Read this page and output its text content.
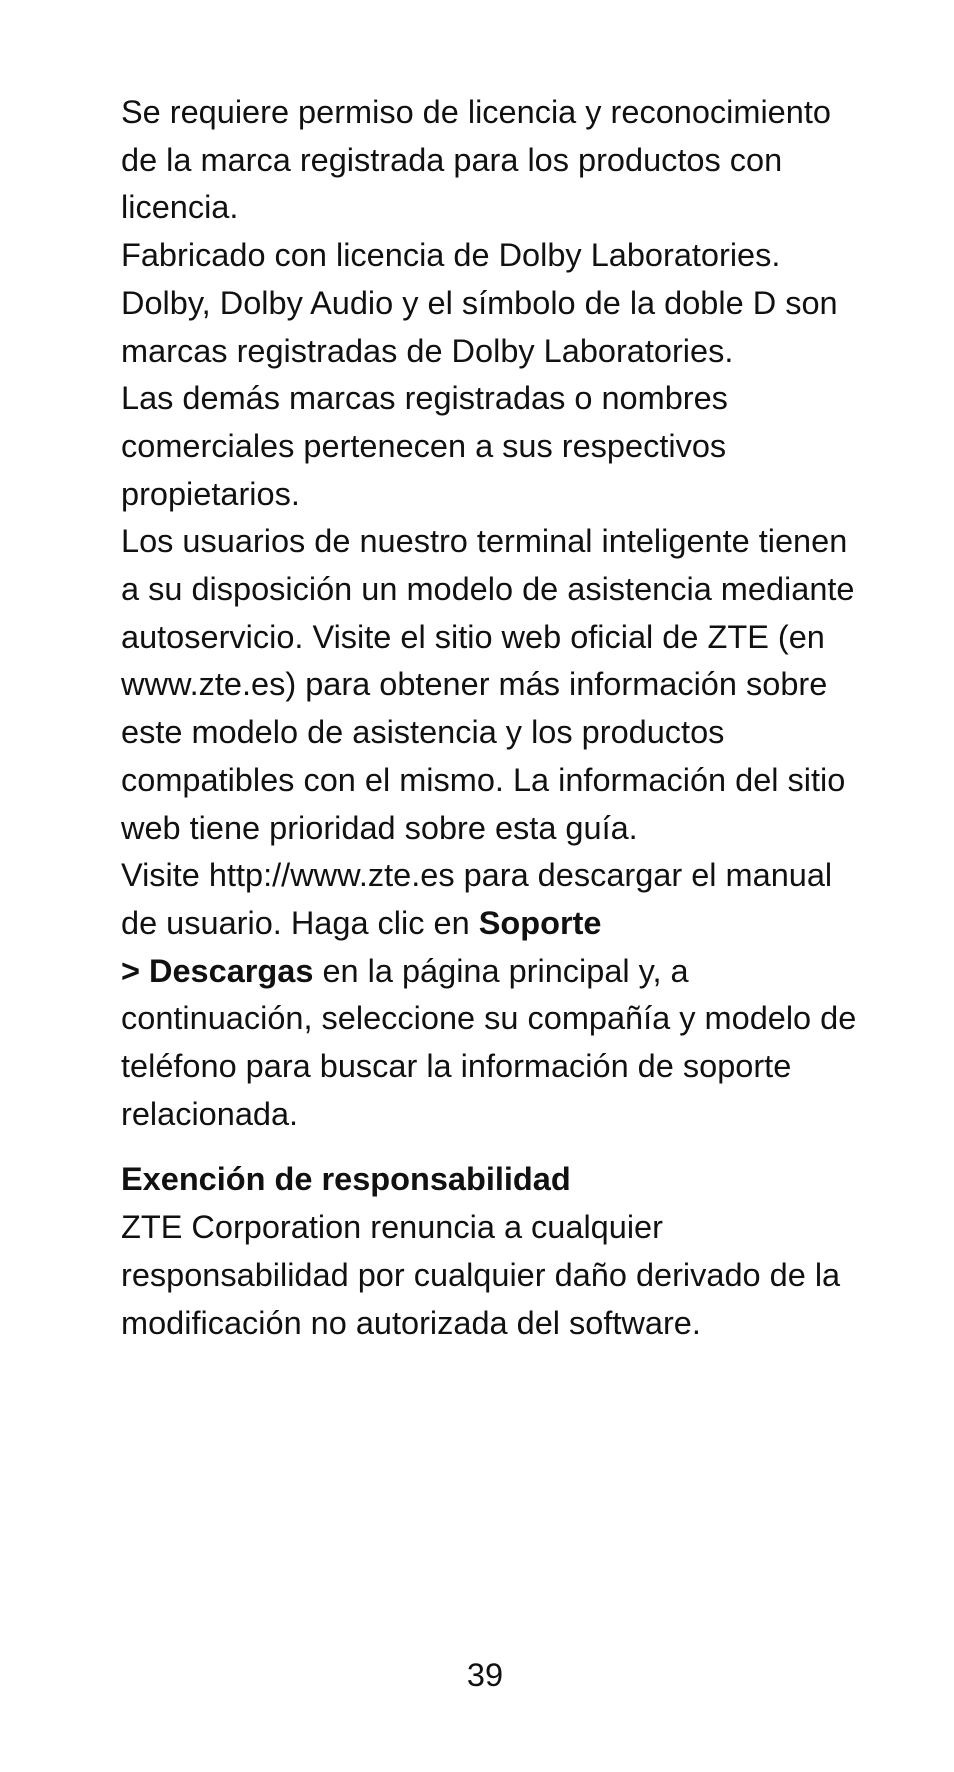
Se requiere permiso de licencia y reconocimiento de la marca registrada para los productos con licencia.

Fabricado con licencia de Dolby Laboratories. Dolby, Dolby Audio y el símbolo de la doble D son marcas registradas de Dolby Laboratories.

Las demás marcas registradas o nombres comerciales pertenecen a sus respectivos propietarios.

Los usuarios de nuestro terminal inteligente tienen a su disposición un modelo de asistencia mediante autoservicio. Visite el sitio web oficial de ZTE (en www.zte.es) para obtener más información sobre este modelo de asistencia y los productos compatibles con el mismo. La información del sitio web tiene prioridad sobre esta guía.

Visite http://www.zte.es para descargar el manual de usuario. Haga clic en Soporte
> Descargas en la página principal y, a continuación, seleccione su compañía y modelo de teléfono para buscar la información de soporte relacionada.

Exención de responsabilidad

ZTE Corporation renuncia a cualquier responsabilidad por cualquier daño derivado de la modificación no autorizada del software.

39
